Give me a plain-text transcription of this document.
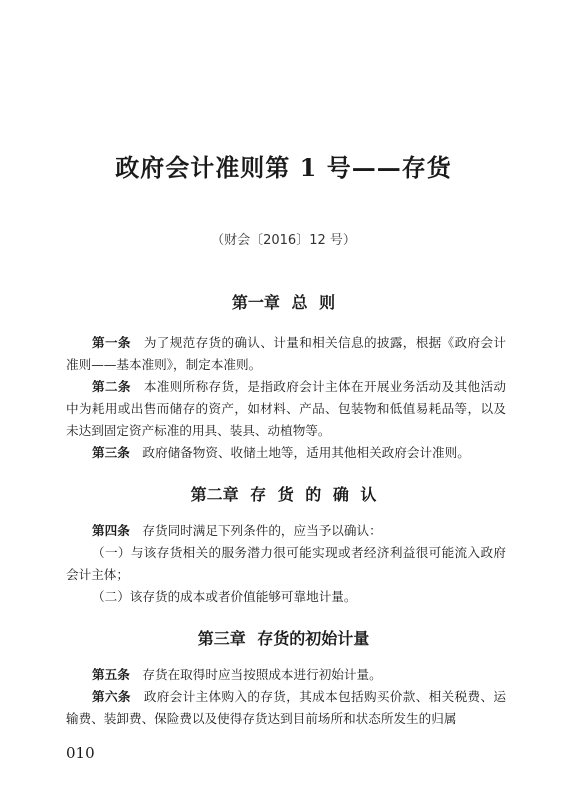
政府会计准则第 1 号——存货
（财会〔2016〕12 号）
第一章 总 则

第一条　 为了规范存货的确认、计量和相关信息的披露，根据《政府会计准则——基本准则》，制定本准则。

第二条　 本准则所称存货，是指政府会计主体在开展业务活动及其他活动中为耗用或出售而储存的资产，如材料、产品、包装物和低值易耗品等，以及未达到固定资产标准的用具、装具、动植物等。

第三条　 政府储备物资、收储土地等，适用其他相关政府会计准则。

第二章 存 货 的 确 认

第四条　 存货同时满足下列条件的，应当予以确认：

（一）与该存货相关的服务潜力很可能实现或者经济利益很可能流入政府会计主体；

（二）该存货的成本或者价值能够可靠地计量。

第三章 存货的初始计量

第五条　 存货在取得时应当按照成本进行初始计量。

第六条　 政府会计主体购入的存货，其成本包括购买价款、相关税费、运输费、装卸费、保险费以及使得存货达到目前场所和状态所发生的归属

010
